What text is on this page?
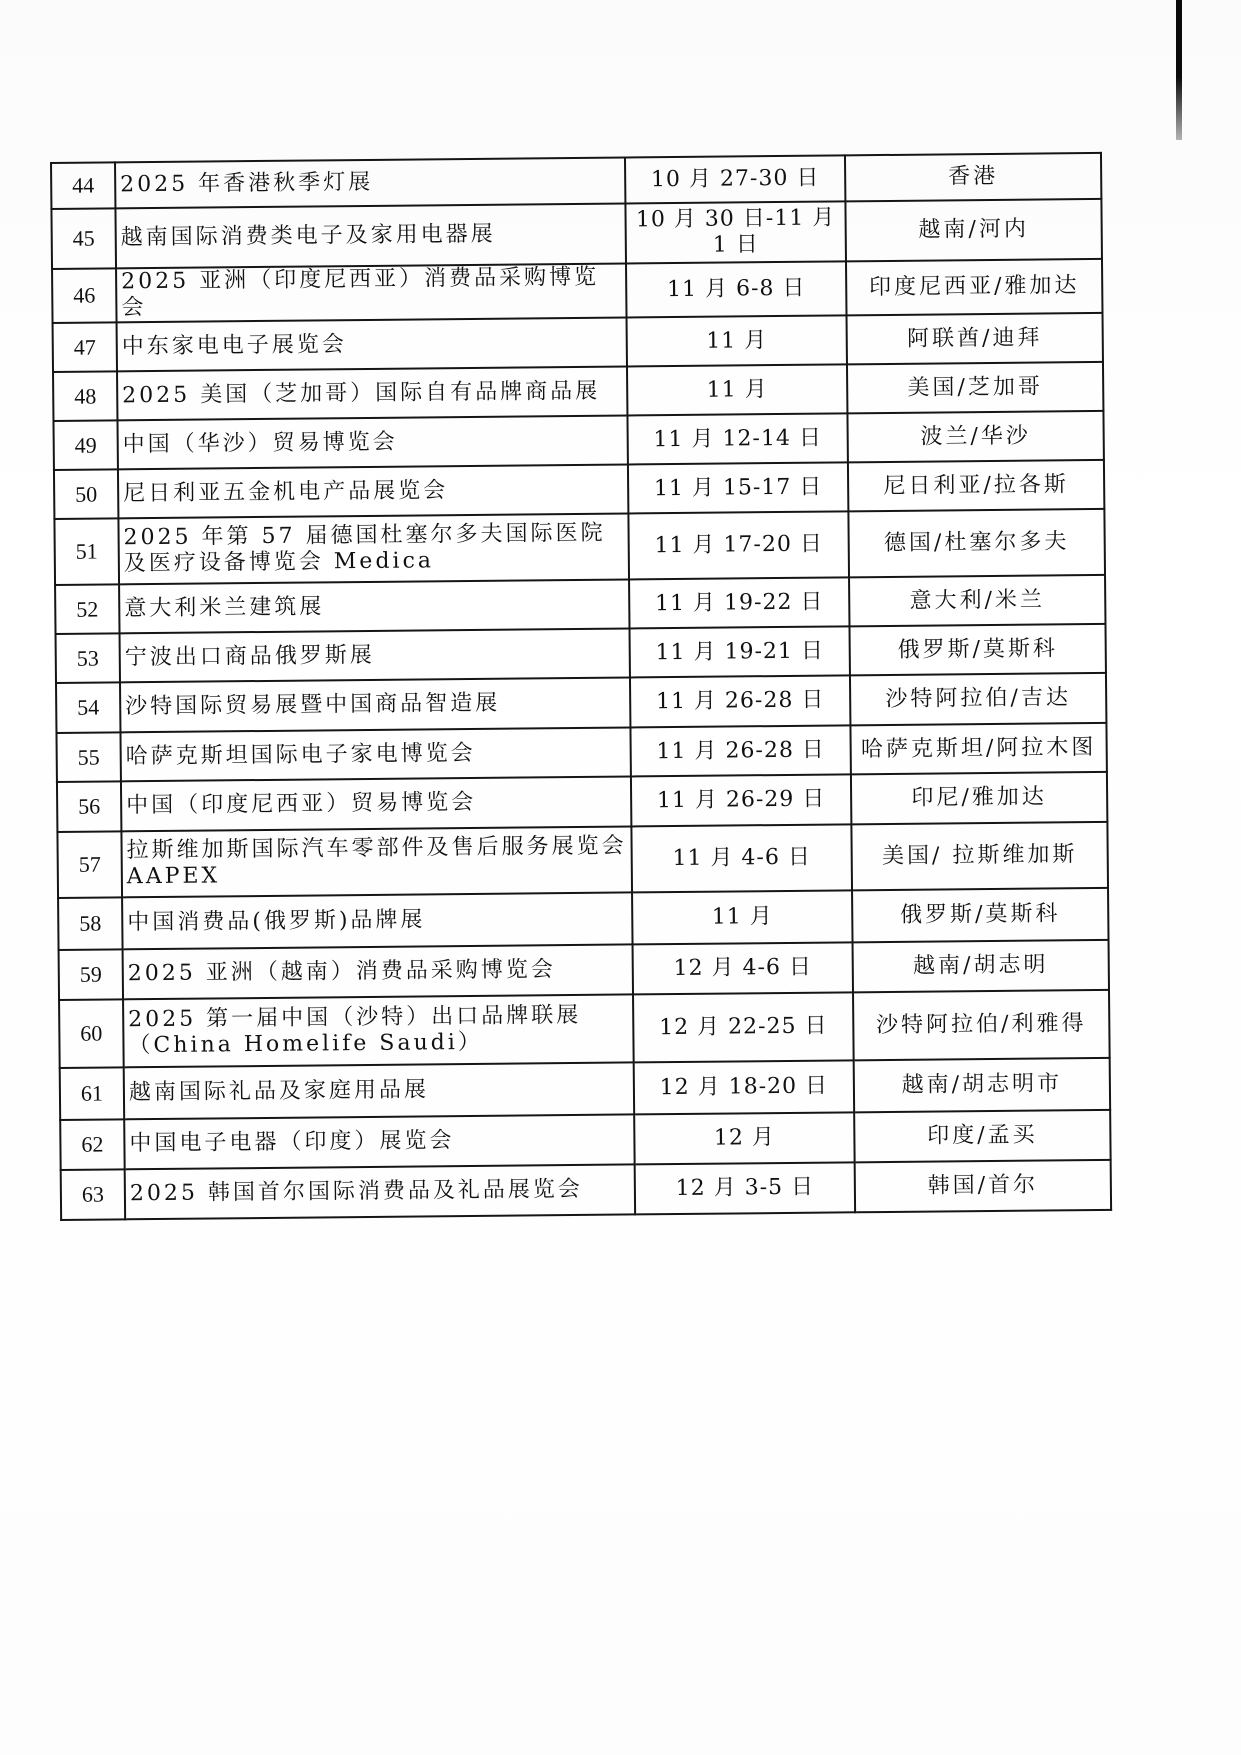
44	2025 年香港秋季灯展	10 月 27-30 日	香港
45	越南国际消费类电子及家用电器展	10 月 30 日-11 月 1 日	越南/河内
46	2025 亚洲（印度尼西亚）消费品采购博览会	11 月 6-8 日	印度尼西亚/雅加达
47	中东家电电子展览会	11 月	阿联酋/迪拜
48	2025 美国（芝加哥）国际自有品牌商品展	11 月	美国/芝加哥
49	中国（华沙）贸易博览会	11 月 12-14 日	波兰/华沙
50	尼日利亚五金机电产品展览会	11 月 15-17 日	尼日利亚/拉各斯
51	2025 年第 57 届德国杜塞尔多夫国际医院及医疗设备博览会 Medica	11 月 17-20 日	德国/杜塞尔多夫
52	意大利米兰建筑展	11 月 19-22 日	意大利/米兰
53	宁波出口商品俄罗斯展	11 月 19-21 日	俄罗斯/莫斯科
54	沙特国际贸易展暨中国商品智造展	11 月 26-28 日	沙特阿拉伯/吉达
55	哈萨克斯坦国际电子家电博览会	11 月 26-28 日	哈萨克斯坦/阿拉木图
56	中国（印度尼西亚）贸易博览会	11 月 26-29 日	印尼/雅加达
57	拉斯维加斯国际汽车零部件及售后服务展览会 AAPEX	11 月 4-6 日	美国/ 拉斯维加斯
58	中国消费品(俄罗斯)品牌展	11 月	俄罗斯/莫斯科
59	2025 亚洲（越南）消费品采购博览会	12 月 4-6 日	越南/胡志明
60	2025 第一届中国（沙特）出口品牌联展（China Homelife Saudi）	12 月 22-25 日	沙特阿拉伯/利雅得
61	越南国际礼品及家庭用品展	12 月 18-20 日	越南/胡志明市
62	中国电子电器（印度）展览会	12 月	印度/孟买
63	2025 韩国首尔国际消费品及礼品展览会	12 月 3-5 日	韩国/首尔
